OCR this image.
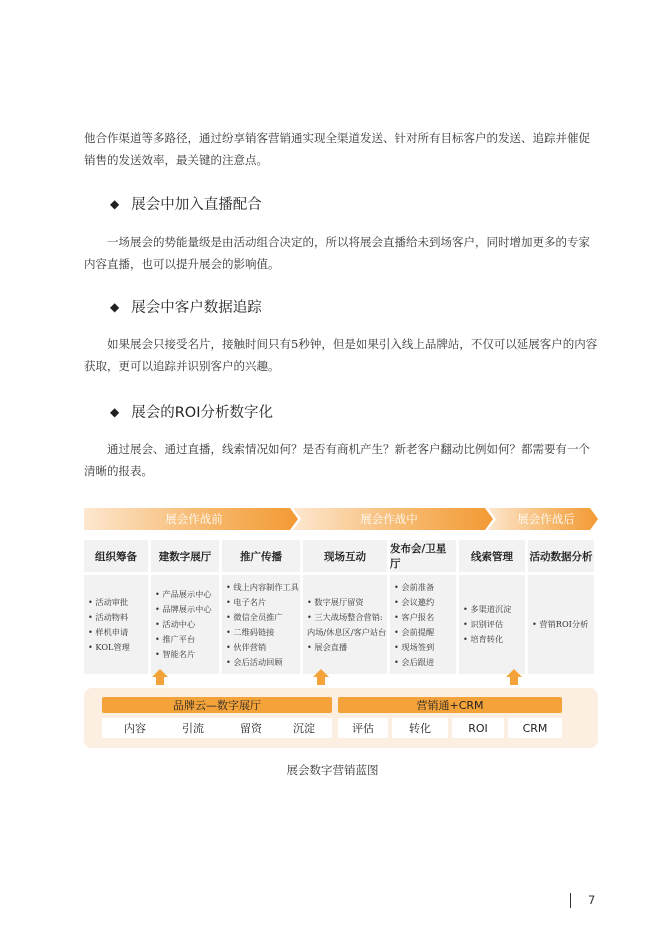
他合作渠道等多路径，通过纷享销客营销通实现全渠道发送、针对所有目标客户的发送、追踪并催促销售的发送效率，最关键的注意点。

◆ 展会中加入直播配合

一场展会的势能量级是由活动组合决定的，所以将展会直播给未到场客户，同时增加更多的专家内容直播，也可以提升展会的影响值。

◆ 展会中客户数据追踪

如果展会只接受名片，接触时间只有5秒钟，但是如果引入线上品牌站，不仅可以延展客户的内容获取，更可以追踪并识别客户的兴趣。

◆ 展会的ROI分析数字化

通过展会、通过直播，线索情况如何？是否有商机产生？新老客户翻动比例如何？都需要有一个清晰的报表。

展会作战前	展会作战中	展会作战后
组织筹备
• 活动审批
• 活动物料
• 样机申请
• KOL管理
建数字展厅
• 产品展示中心
• 品牌展示中心
• 活动中心
• 推广平台
• 智能名片
推广传播
• 线上内容制作工具
• 电子名片
• 微信全员推广
• 二维码链接
• 伙伴营销
• 会后活动回顾
现场互动
• 数字展厅留资
• 三大战场整合营销:
内场/休息区/客户站台
• 展会直播
发布会/卫星厅
• 会前准备
• 会议邀约
• 客户报名
• 会前提醒
• 现场签到
• 会后跟进
线索管理
• 多渠道沉淀
• 识别评估
• 培育转化
活动数据分析
• 营销ROI分析
品牌云—数字展厅	营销通+CRM
内容	引流	留资	沉淀	评估	转化	ROI	CRM
展会数字营销蓝图
7
